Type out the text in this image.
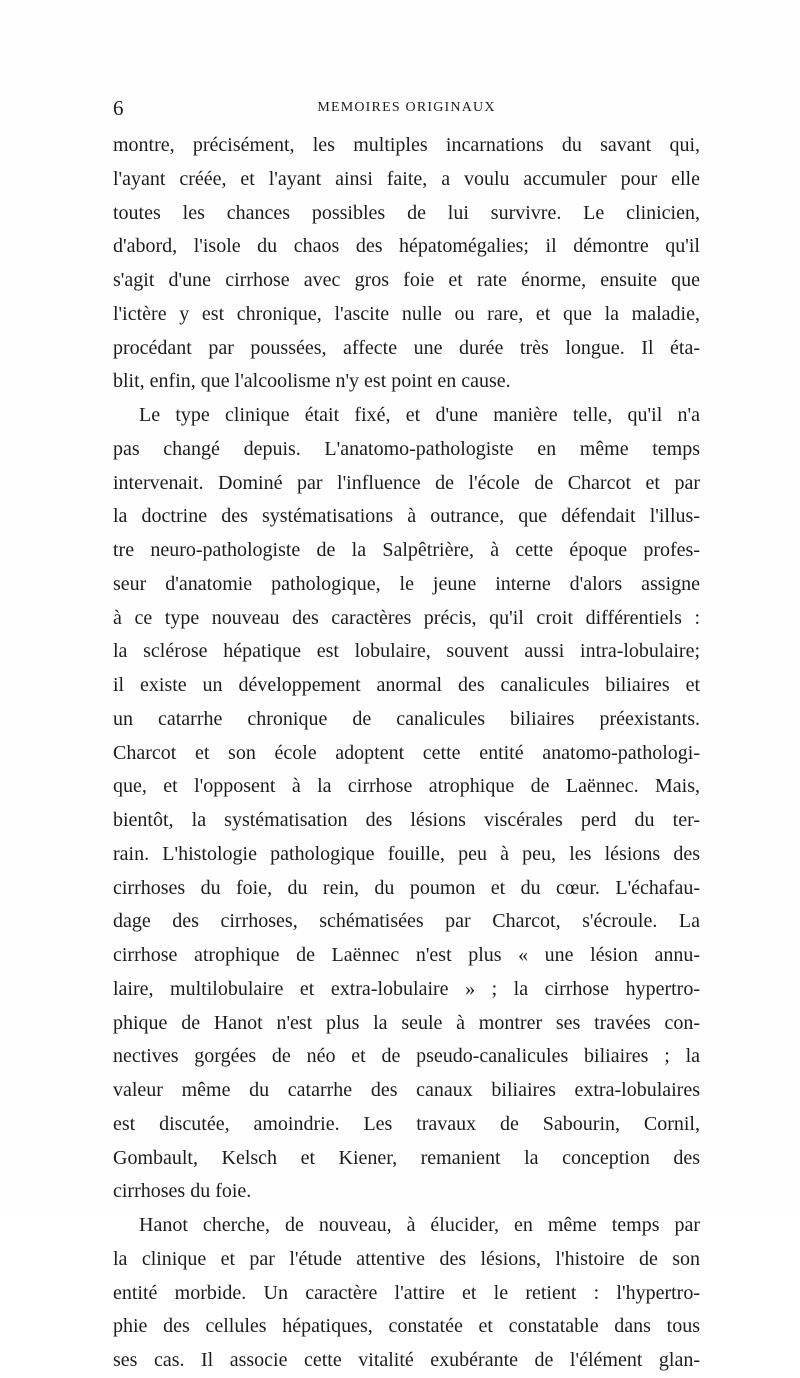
6	MEMOIRES ORIGINAUX
montre, précisément, les multiples incarnations du savant qui,
l'ayant créée, et l'ayant ainsi faite, a voulu accumuler pour elle
toutes les chances possibles de lui survivre. Le clinicien,
d'abord, l'isole du chaos des hépatomégalies; il démontre qu'il
s'agit d'une cirrhose avec gros foie et rate énorme, ensuite que
l'ictère y est chronique, l'ascite nulle ou rare, et que la maladie,
procédant par poussées, affecte une durée très longue. Il éta-
blit, enfin, que l'alcoolisme n'y est point en cause.
Le type clinique était fixé, et d'une manière telle, qu'il n'a
pas changé depuis. L'anatomo-pathologiste en même temps
intervenait. Dominé par l'influence de l'école de Charcot et par
la doctrine des systématisations à outrance, que défendait l'illus-
tre neuro-pathologiste de la Salpêtrière, à cette époque profes-
seur d'anatomie pathologique, le jeune interne d'alors assigne
à ce type nouveau des caractères précis, qu'il croit différentiels :
la sclérose hépatique est lobulaire, souvent aussi intra-lobulaire;
il existe un développement anormal des canalicules biliaires et
un catarrhe chronique de canalicules biliaires préexistants.
Charcot et son école adoptent cette entité anatomo-pathologi-
que, et l'opposent à la cirrhose atrophique de Laënnec. Mais,
bientôt, la systématisation des lésions viscérales perd du ter-
rain. L'histologie pathologique fouille, peu à peu, les lésions des
cirrhoses du foie, du rein, du poumon et du cœur. L'échafau-
dage des cirrhoses, schématisées par Charcot, s'écroule. La
cirrhose atrophique de Laënnec n'est plus « une lésion annu-
laire, multilobulaire et extra-lobulaire » ; la cirrhose hypertro-
phique de Hanot n'est plus la seule à montrer ses travées con-
nectives gorgées de néo et de pseudo-canalicules biliaires ; la
valeur même du catarrhe des canaux biliaires extra-lobulaires
est discutée, amoindrie. Les travaux de Sabourin, Cornil,
Gombault, Kelsch et Kiener, remanient la conception des
cirrhoses du foie.
Hanot cherche, de nouveau, à élucider, en même temps par
la clinique et par l'étude attentive des lésions, l'histoire de son
entité morbide. Un caractère l'attire et le retient : l'hypertro-
phie des cellules hépatiques, constatée et constatable dans tous
ses cas. Il associe cette vitalité exubérante de l'élément glan-
